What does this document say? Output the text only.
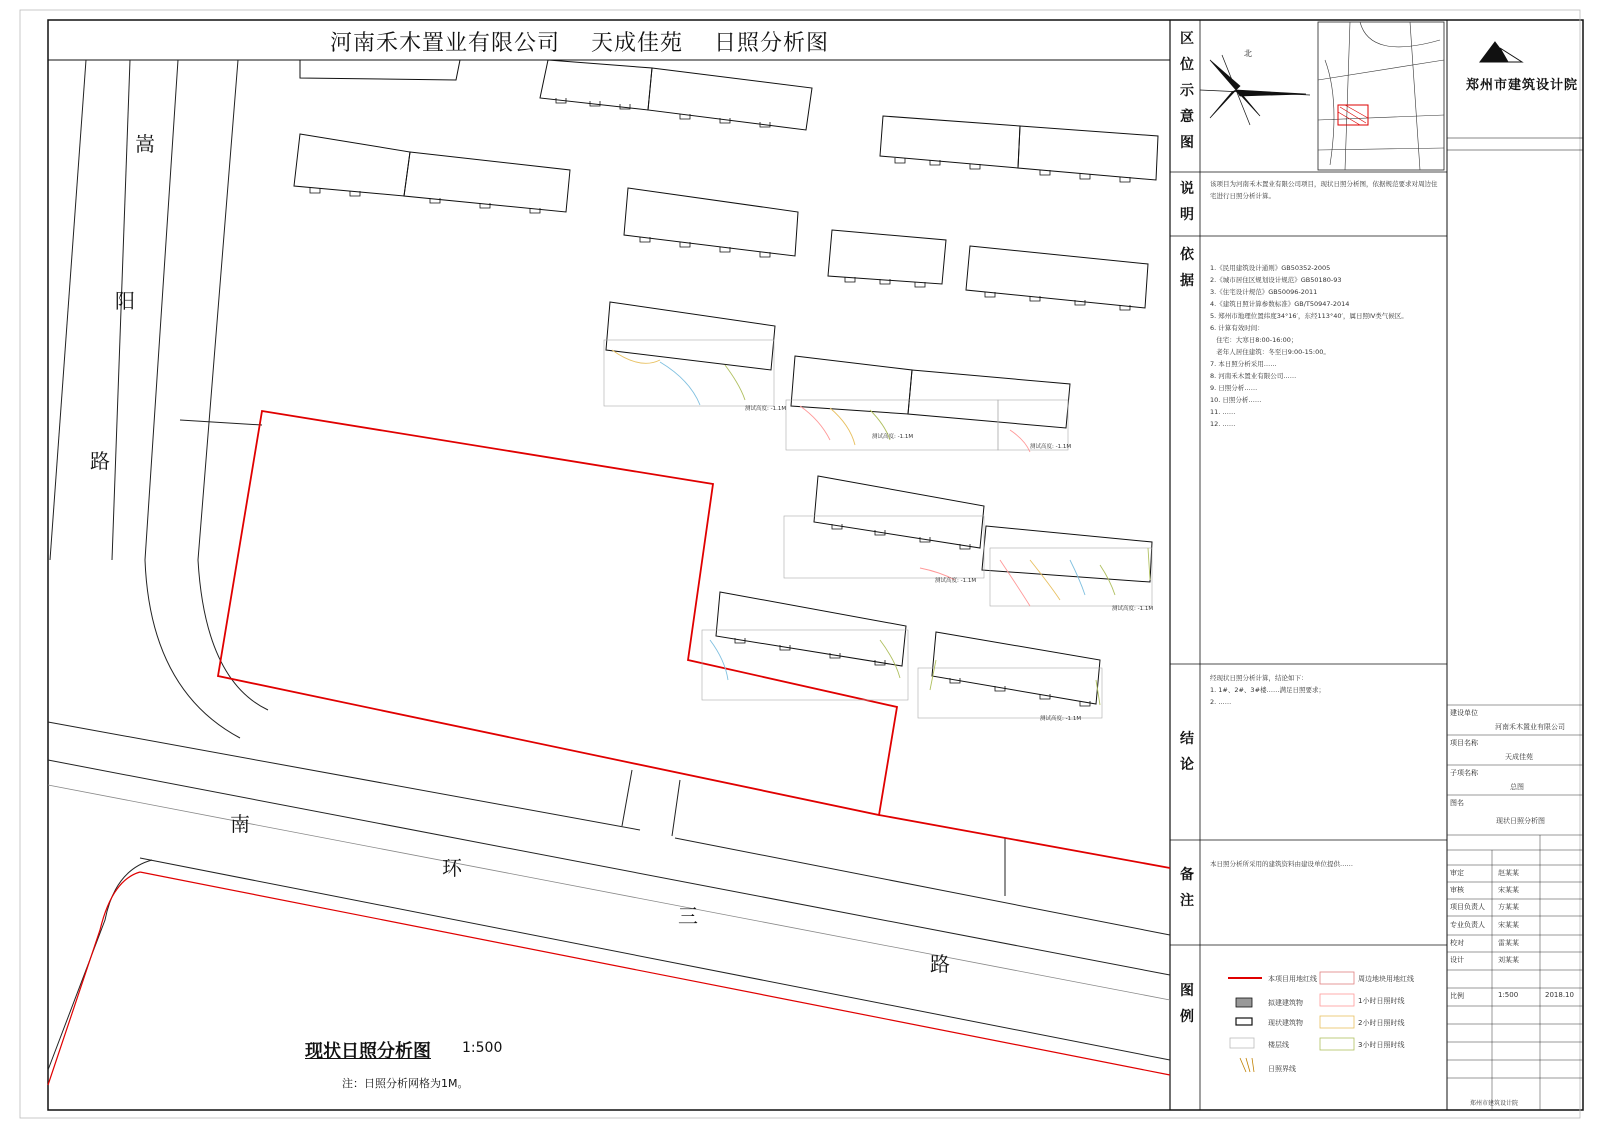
河南禾木置业有限公司　 天成佳苑　 日照分析图
嵩
阳
路
南
环
三
路
测试高度: -1.1M
测试高度: -1.1M
测试高度: -1.1M
测试高度: -1.1M
测试高度: -1.1M
测试高度: -1.1M
现状日照分析图 1:500
注：日照分析网格为1M。
区位示意图
说明
依据
结论
备注
图例
北
该项目为河南禾木置业有限公司项目，现状日照分析图，依据规范要求对周边住宅进行日照分析计算。
1.《民用建筑设计通则》GB50352-2005
2.《城市居住区规划设计规范》GB50180-93
3.《住宅设计规范》GB50096-2011
4.《建筑日照计算参数标准》GB/T50947-2014
5. 郑州市地理位置纬度34°16′，东经113°40′，属日照IV类气候区。
6. 计算有效时间：
住宅：大寒日8:00-16:00；
老年人居住建筑：冬至日9:00-15:00。
7. 本日照分析采用……
8. 河南禾木置业有限公司……
9. 日照分析……
10. 日照分析……
11. ……
12. ……
经现状日照分析计算，结论如下：
1. 1#、2#、3#楼……满足日照要求；
2. ……
本日照分析所采用的建筑资料由建设单位提供……
本项目用地红线
拟建建筑物
现状建筑物
楼层线
日照界线
周边地块用地红线
1小时日照时线
2小时日照时线
3小时日照时线
郑州市建筑设计院
建设单位
河南禾木置业有限公司
项目名称
天成佳苑
子项名称
总图
图名
现状日照分析图
审定	赵某某
审核	宋某某
项目负责人 方某某
专业负责人 宋某某
校对	雷某某
设计	刘某某
比例	1:500	2018.10
郑州市建筑设计院
